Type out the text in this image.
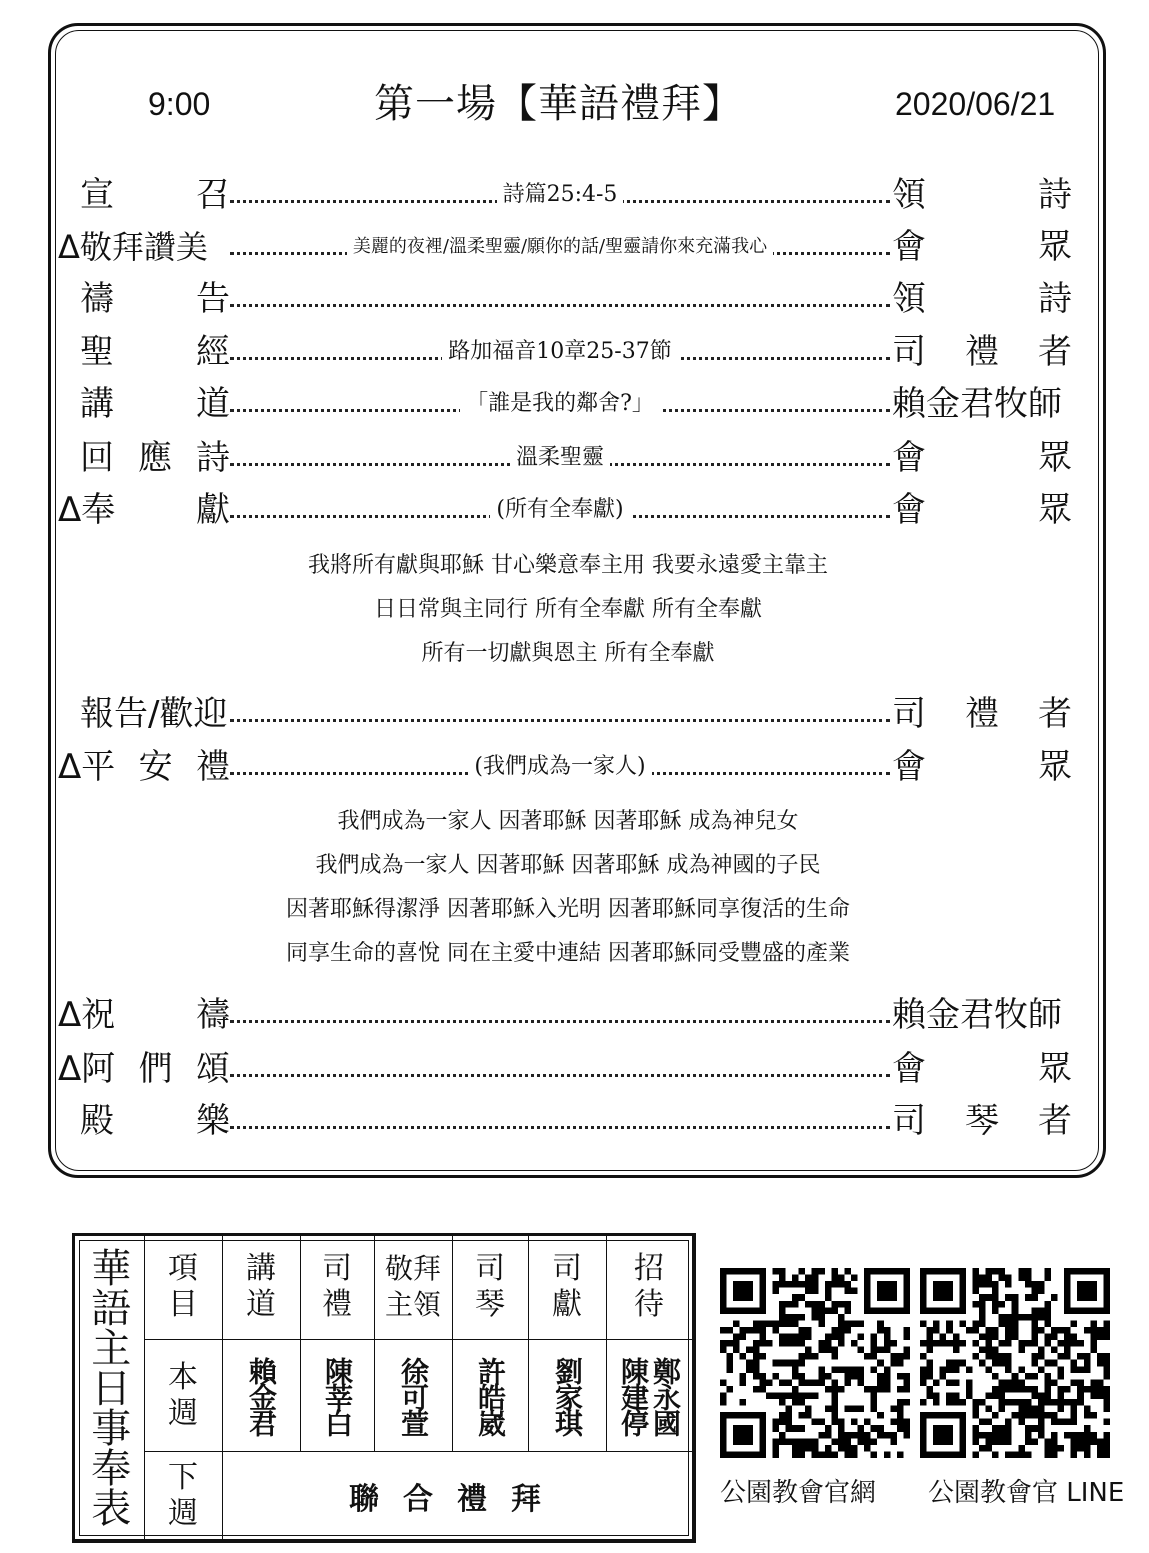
9:00	第一場【華語禮拜】	2020/06/21
宣 召	詩篇25:4-5	領	詩
Δ敬拜讚美	美麗的夜裡/溫柔聖靈/願你的話/聖靈請你來充滿我心	會	眾
禱 告	領	詩
聖 經	路加福音10章25-37節	司 禮 者
講 道	「誰是我的鄰舍?」	賴金君牧師
回 應 詩	溫柔聖靈	會	眾
Δ奉 獻	(所有全奉獻)	會	眾
我將所有獻與耶穌 甘心樂意奉主用 我要永遠愛主靠主
日日常與主同行 所有全奉獻 所有全奉獻
所有一切獻與恩主 所有全奉獻
報告/歡迎	司 禮 者
Δ平 安 禮	(我們成為一家人)	會	眾
我們成為一家人 因著耶穌 因著耶穌 成為神兒女
我們成為一家人 因著耶穌 因著耶穌 成為神國的子民
因著耶穌得潔淨 因著耶穌入光明 因著耶穌同享復活的生命
同享生命的喜悅 同在主愛中連結 因著耶穌同受豐盛的產業
Δ祝 禱	賴金君牧師
Δ阿 們 頌	會	眾
殿 樂	司 琴 者
華語主日事奉表	項目	講道	司禮	敬拜主領	司琴	司獻	招待

	本週	賴金君	陳莘白	徐可萱	許皓崴	劉家琪	陳建停 鄭永國

	下週	聯合禮拜						公園教會官網 公園教會官 LINE
